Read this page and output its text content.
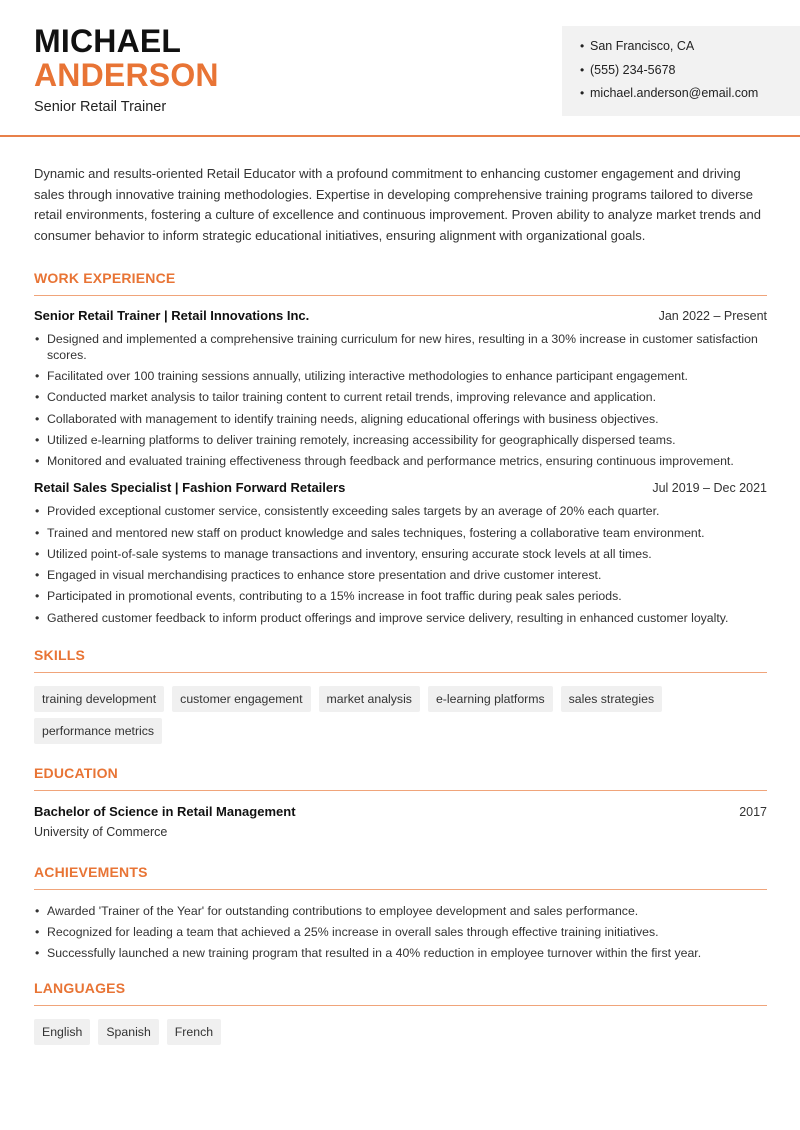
MICHAEL
ANDERSON
Senior Retail Trainer
• San Francisco, CA
• (555) 234-5678
• michael.anderson@email.com

Dynamic and results-oriented Retail Educator with a profound commitment to enhancing customer engagement and driving sales through innovative training methodologies. Expertise in developing comprehensive training programs tailored to diverse retail environments, fostering a culture of excellence and continuous improvement. Proven ability to analyze market trends and consumer behavior to inform strategic educational initiatives, ensuring alignment with organizational goals.

WORK EXPERIENCE
Senior Retail Trainer | Retail Innovations Inc.	Jan 2022 – Present
• Designed and implemented a comprehensive training curriculum for new hires, resulting in a 30% increase in customer satisfaction scores.
• Facilitated over 100 training sessions annually, utilizing interactive methodologies to enhance participant engagement.
• Conducted market analysis to tailor training content to current retail trends, improving relevance and application.
• Collaborated with management to identify training needs, aligning educational offerings with business objectives.
• Utilized e-learning platforms to deliver training remotely, increasing accessibility for geographically dispersed teams.
• Monitored and evaluated training effectiveness through feedback and performance metrics, ensuring continuous improvement.
Retail Sales Specialist | Fashion Forward Retailers	Jul 2019 – Dec 2021
• Provided exceptional customer service, consistently exceeding sales targets by an average of 20% each quarter.
• Trained and mentored new staff on product knowledge and sales techniques, fostering a collaborative team environment.
• Utilized point-of-sale systems to manage transactions and inventory, ensuring accurate stock levels at all times.
• Engaged in visual merchandising practices to enhance store presentation and drive customer interest.
• Participated in promotional events, contributing to a 15% increase in foot traffic during peak sales periods.
• Gathered customer feedback to inform product offerings and improve service delivery, resulting in enhanced customer loyalty.
SKILLS
training development	customer engagement	market analysis	e-learning platforms	sales strategies
performance metrics
EDUCATION
Bachelor of Science in Retail Management	2017
University of Commerce
ACHIEVEMENTS
• Awarded 'Trainer of the Year' for outstanding contributions to employee development and sales performance.
• Recognized for leading a team that achieved a 25% increase in overall sales through effective training initiatives.
• Successfully launched a new training program that resulted in a 40% reduction in employee turnover within the first year.
LANGUAGES
English	Spanish	French
